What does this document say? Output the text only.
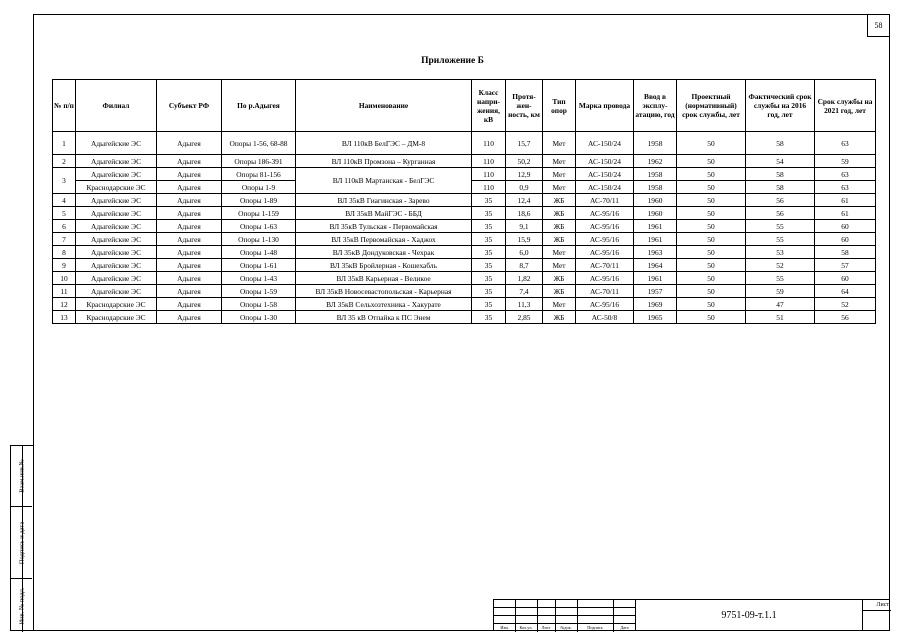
58
Приложение Б
№ п/п	Филиал	Субъект РФ	По р.Адыгея	Наименование	Класс напри-жения, кВ	Протя-жен-ность, км	Тип опор	Марка провода	Ввод в эксплу-атацию, год	Проектный (нормативный) срок службы, лет	Фактический срок службы на 2016 год, лет	Срок службы на 2021 год, лет
1	Адыгейские ЭС	Адыгея	Опоры 1-56, 68-88	ВЛ 110кВ БелГЭС – ДМ-8	110	15,7	Мет	АС-150/24	1958	50	58	63
2	Адыгейские ЭС	Адыгея	Опоры 186-391	ВЛ 110кВ Промзона – Курганная	110	50,2	Мет	АС-150/24	1962	50	54	59
3	Адыгейские ЭС	Адыгея	Опоры 81-156	ВЛ 110кВ Мартанская - БелГЭС	110	12,9	Мет	АС-150/24	1958	50	58	63
	Краснодарские ЭС	Адыгея	Опоры 1-9		110	0,9	Мет	АС-150/24	1958	50	58	63
4	Адыгейские ЭС	Адыгея	Опоры 1-89	ВЛ 35кВ Гиагинская - Зарево	35	12,4	ЖБ	АС-70/11	1960	50	56	61
5	Адыгейские ЭС	Адыгея	Опоры 1-159	ВЛ 35кВ МайГЭС - ББД	35	18,6	ЖБ	АС-95/16	1960	50	56	61
6	Адыгейские ЭС	Адыгея	Опоры 1-63	ВЛ 35кВ Тульская - Первомайская	35	9,1	ЖБ	АС-95/16	1961	50	55	60
7	Адыгейские ЭС	Адыгея	Опоры 1-130	ВЛ 35кВ Первомайская - Хаджох	35	15,9	ЖБ	АС-95/16	1961	50	55	60
8	Адыгейские ЭС	Адыгея	Опоры 1-48	ВЛ 35кВ Дондуковская - Чехрак	35	6,0	Мет	АС-95/16	1963	50	53	58
9	Адыгейские ЭС	Адыгея	Опоры 1-61	ВЛ 35кВ Бройлерная - Кошехабль	35	8,7	Мет	АС-70/11	1964	50	52	57
10	Адыгейские ЭС	Адыгея	Опоры 1-43	ВЛ 35кВ Карьерная - Великое	35	1,82	ЖБ	АС-95/16	1961	50	55	60
11	Адыгейские ЭС	Адыгея	Опоры 1-59	ВЛ 35кВ Новосевастопольская - Карьерная	35	7,4	ЖБ	АС-70/11	1957	50	59	64
12	Краснодарские ЭС	Адыгея	Опоры 1-58	ВЛ 35кВ Сельхозтехника - Хакурате	35	11,3	Мет	АС-95/16	1969	50	47	52
13	Краснодарские ЭС	Адыгея	Опоры 1-30	ВЛ 35 кВ Отпайка к ПС Энем	35	2,85	ЖБ	АС-50/8	1965	50	51	56
Взам.инв.№
Подпись и дата
Инв. № подл.
Изм.	Кол.уч.	Лист	№док.	Подпись	Дата
9751-09-т.1.1
Лист
